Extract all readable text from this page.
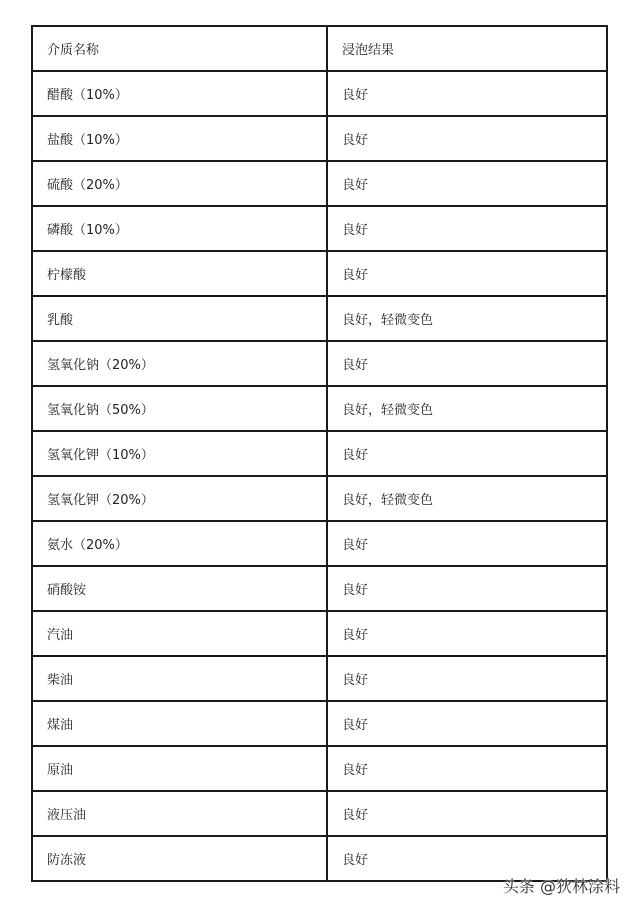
介质名称	浸泡结果
醋酸（10%）	良好
盐酸（10%）	良好
硫酸（20%）	良好
磷酸（10%）	良好
柠檬酸	良好
乳酸	良好，轻微变色
氢氧化钠（20%）	良好
氢氧化钠（50%）	良好，轻微变色
氢氧化钾（10%）	良好
氢氧化钾（20%）	良好，轻微变色
氨水（20%）	良好
硝酸铵	良好
汽油	良好
柴油	良好
煤油	良好
原油	良好
液压油	良好
防冻液	良好
头条 @狄林涂料
